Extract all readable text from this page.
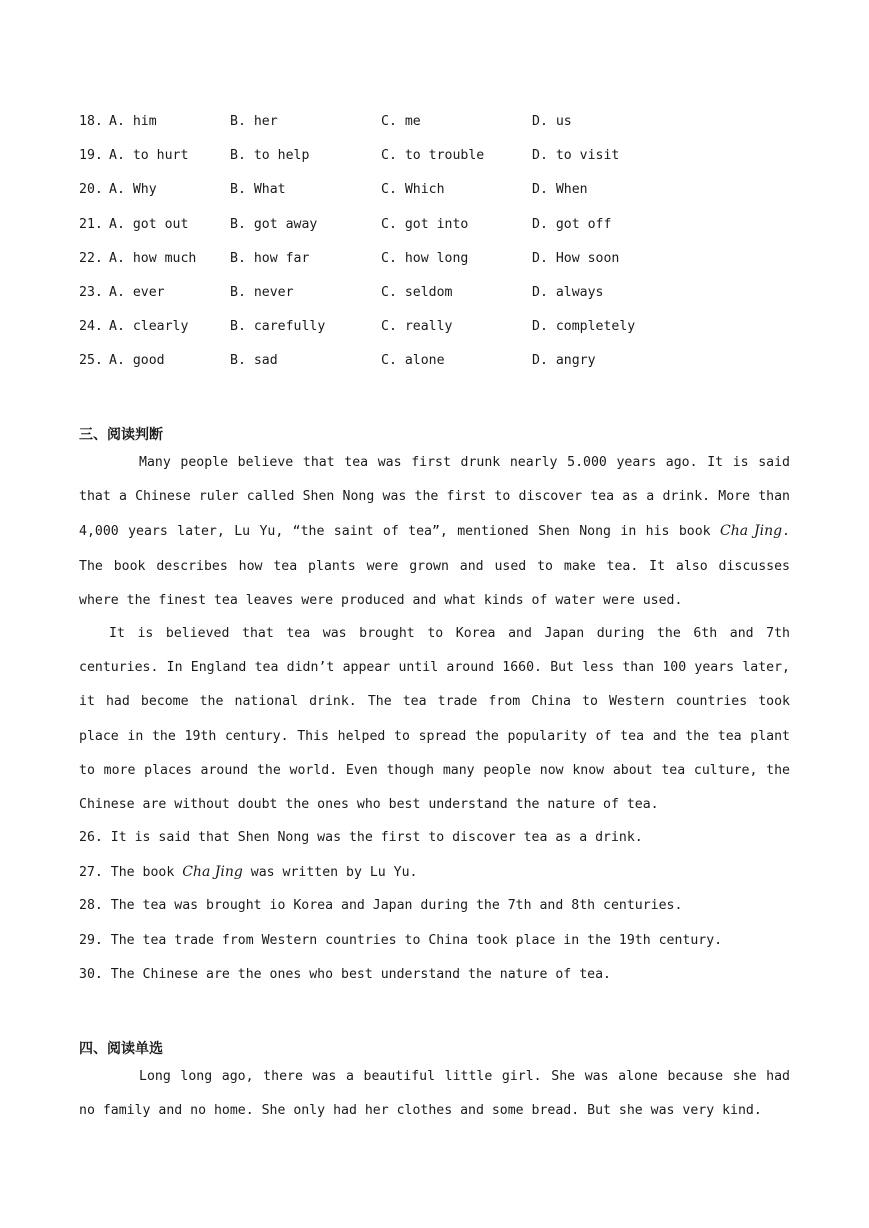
18. A. him	B. her	C. me	D. us
19. A. to hurt	B. to help	C. to trouble	D. to visit
20. A. Why	B. What	C. Which	D. When
21. A. got out	B. got away	C. got into	D. got off
22. A. how much	B. how far	C. how long	D. How soon
23. A. ever	B. never	C. seldom	D. always
24. A. clearly	B. carefully	C. really	D. completely
25. A. good	B. sad	C. alone	D. angry
三、阅读判断

Many people believe that tea was first drunk nearly 5.000 years ago. It is said that a Chinese ruler called Shen Nong was the first to discover tea as a drink. More than 4,000 years later, Lu Yu, “the saint of tea”, mentioned Shen Nong in his book Cha Jing. The book describes how tea plants were grown and used to make tea. It also discusses where the finest tea leaves were produced and what kinds of water were used.

It is believed that tea was brought to Korea and Japan during the 6th and 7th centuries. In England tea didn’t appear until around 1660. But less than 100 years later, it had become the national drink. The tea trade from China to Western countries took place in the 19th century. This helped to spread the popularity of tea and the tea plant to more places around the world. Even though many people now know about tea culture, the Chinese are without doubt the ones who best understand the nature of tea.

26. It is said that Shen Nong was the first to discover tea as a drink.
27. The book Cha Jing was written by Lu Yu.
28. The tea was brought io Korea and Japan during the 7th and 8th centuries.
29. The tea trade from Western countries to China took place in the 19th century.
30. The Chinese are the ones who best understand the nature of tea.
四、阅读单选

Long long ago, there was a beautiful little girl. She was alone because she had no family and no home. She only had her clothes and some bread. But she was very kind.
